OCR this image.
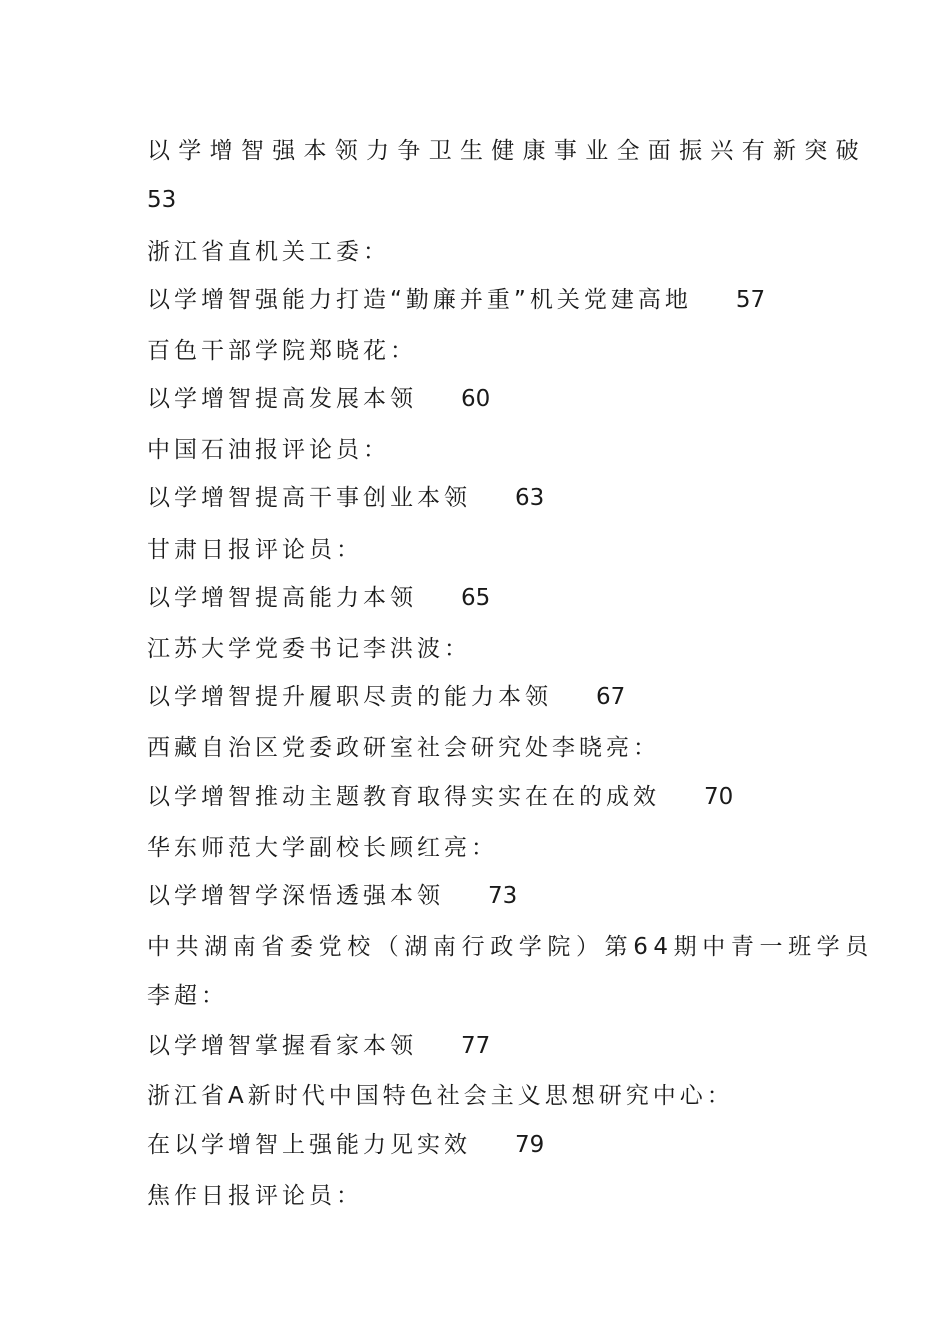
以学增智强本领力争卫生健康事业全面振兴有新突破
53
浙江省直机关工委：
以学增智强能力打造“勤廉并重”机关党建高地 57
百色干部学院郑晓花：
以学增智提高发展本领 60
中国石油报评论员：
以学增智提高干事创业本领 63
甘肃日报评论员：
以学增智提高能力本领 65
江苏大学党委书记李洪波：
以学增智提升履职尽责的能力本领 67
西藏自治区党委政研室社会研究处李晓亮：
以学增智推动主题教育取得实实在在的成效 70
华东师范大学副校长顾红亮：
以学增智学深悟透强本领 73
中共湖南省委党校（湖南行政学院）第64期中青一班学员
李超：
以学增智掌握看家本领 77
浙江省A新时代中国特色社会主义思想研究中心：
在以学增智上强能力见实效 79
焦作日报评论员：
